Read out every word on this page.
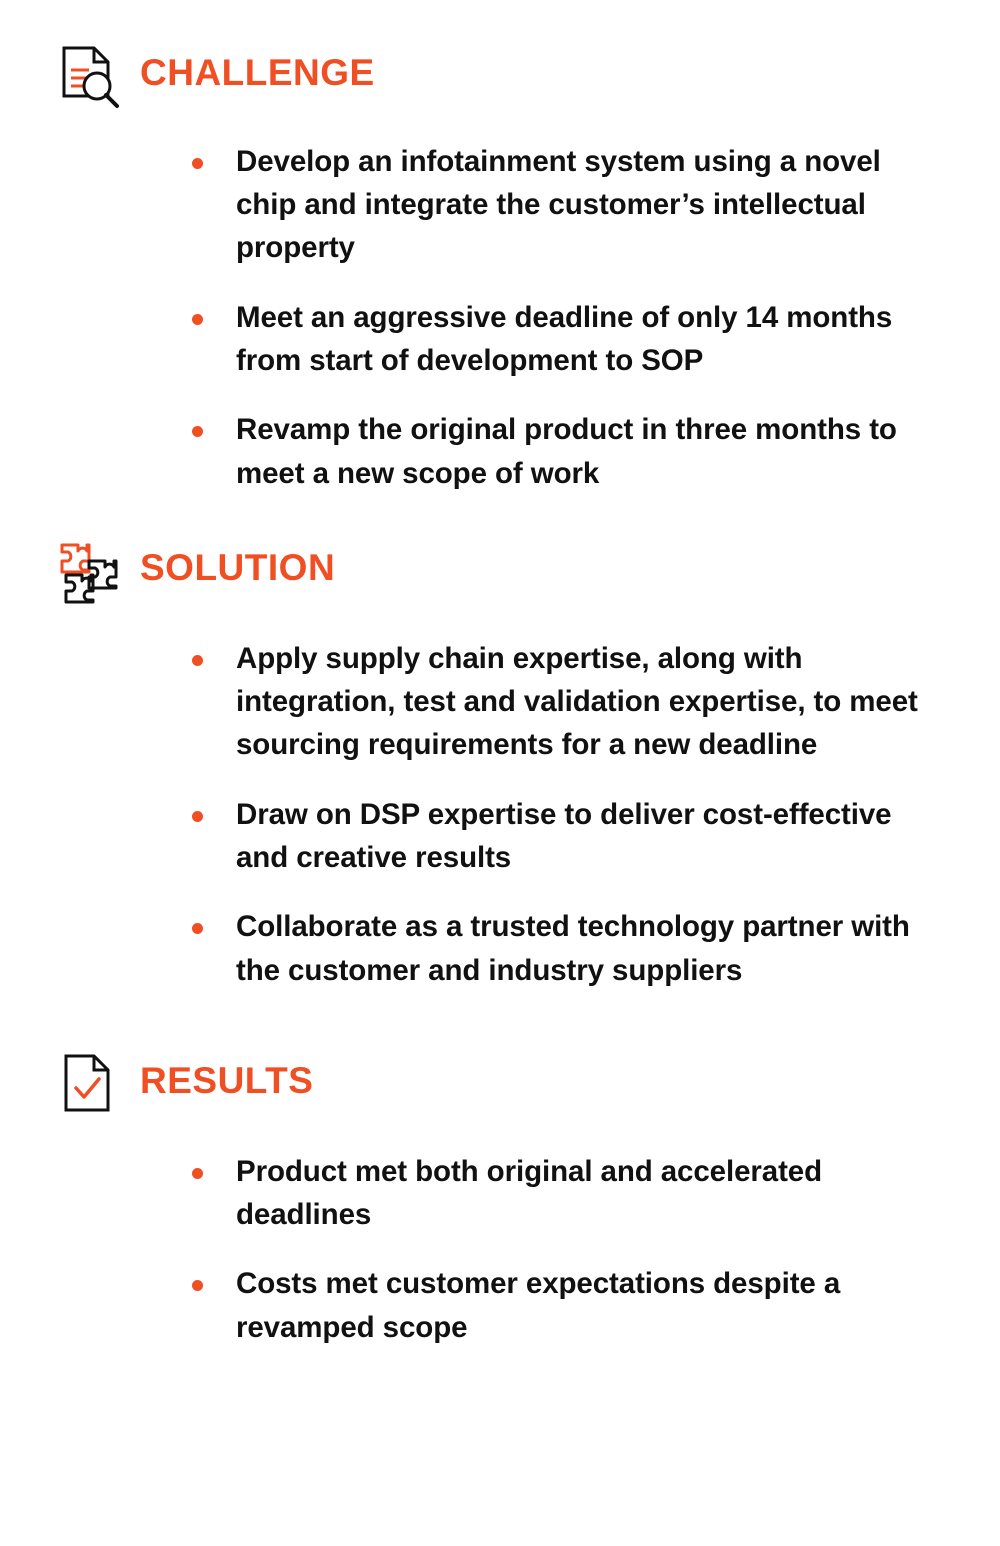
CHALLENGE
Develop an infotainment system using a novel chip and integrate the customer’s intellectual property
Meet an aggressive deadline of only 14 months from start of development to SOP
Revamp the original product in three months to meet a new scope of work
SOLUTION
Apply supply chain expertise, along with integration, test and validation expertise, to meet sourcing requirements for a new deadline
Draw on DSP expertise to deliver cost-effective and creative results
Collaborate as a trusted technology partner with the customer and industry suppliers
RESULTS
Product met both original and accelerated deadlines
Costs met customer expectations despite a revamped scope
